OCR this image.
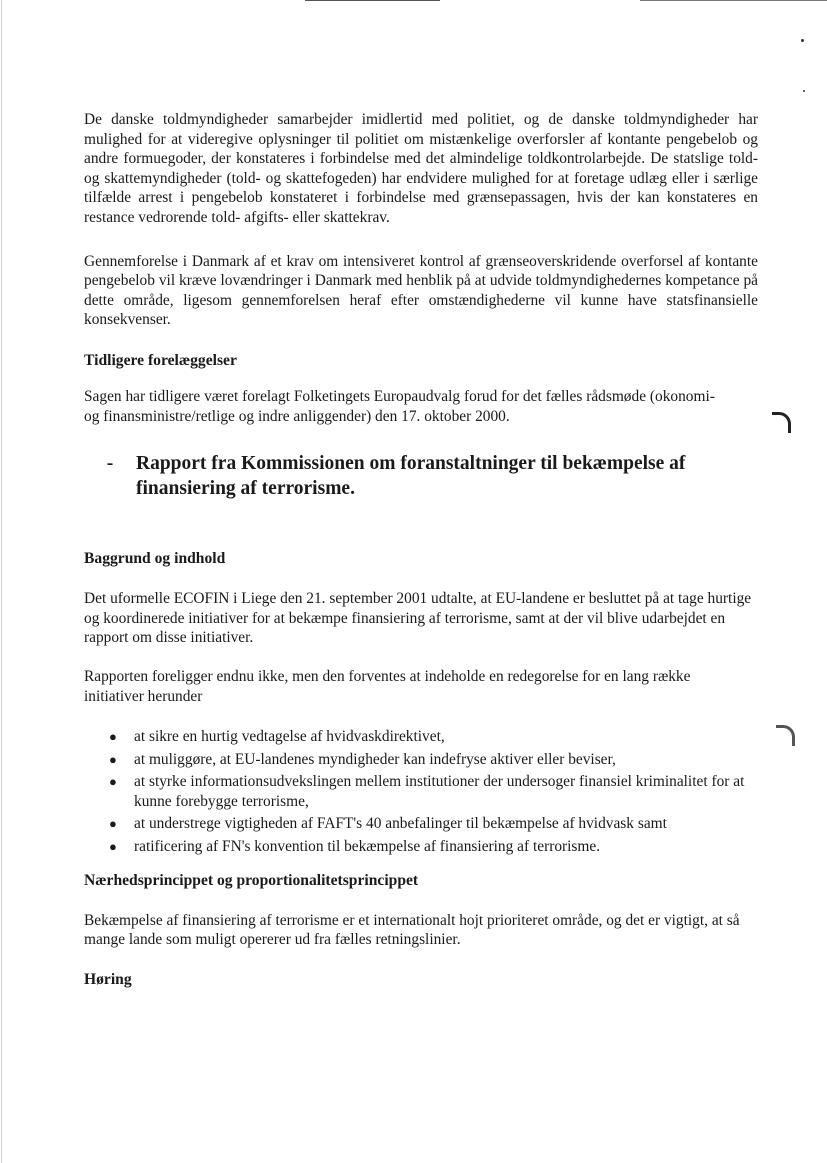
De danske toldmyndigheder samarbejder imidlertid med politiet, og de danske toldmyndigheder har mulighed for at videregive oplysninger til politiet om mistænkelige overforsler af kontante pengebelob og andre formuegoder, der konstateres i forbindelse med det almindelige toldkontrolarbejde. De statslige told- og skattemyndigheder (told- og skattefogeden) har endvidere mulighed for at foretage udlæg eller i særlige tilfælde arrest i pengebelob konstateret i forbindelse med grænsepassagen, hvis der kan konstateres en restance vedrorende told- afgifts- eller skattekrav.

Gennemforelse i Danmark af et krav om intensiveret kontrol af grænseoverskridende overforsel af kontante pengebelob vil kræve lovændringer i Danmark med henblik på at udvide toldmyndighedernes kompetance på dette område, ligesom gennemforelsen heraf efter omstændighederne vil kunne have statsfinansielle konsekvenser.

Tidligere forelæggelser

Sagen har tidligere været forelagt Folketingets Europaudvalg forud for det fælles rådsmøde (okonomi- og finansministre/retlige og indre anliggender) den 17. oktober 2000.

-	Rapport fra Kommissionen om foranstaltninger til bekæmpelse af finansiering af terrorisme.
Baggrund og indhold

Det uformelle ECOFIN i Liege den 21. september 2001 udtalte, at EU-landene er besluttet på at tage hurtige og koordinerede initiativer for at bekæmpe finansiering af terrorisme, samt at der vil blive udarbejdet en rapport om disse initiativer.

Rapporten foreligger endnu ikke, men den forventes at indeholde en redegorelse for en lang række initiativer herunder

●	at sikre en hurtig vedtagelse af hvidvaskdirektivet,
●	at muliggøre, at EU-landenes myndigheder kan indefryse aktiver eller beviser,
●	at styrke informationsudvekslingen mellem institutioner der undersoger finansiel kriminalitet for at kunne forebygge terrorisme,
●	at understrege vigtigheden af FAFT's 40 anbefalinger til bekæmpelse af hvidvask samt
●	ratificering af FN's konvention til bekæmpelse af finansiering af terrorisme.
Nærhedsprincippet og proportionalitetsprincippet

Bekæmpelse af finansiering af terrorisme er et internationalt hojt prioriteret område, og det er vigtigt, at så mange lande som muligt opererer ud fra fælles retningslinier.

Høring
